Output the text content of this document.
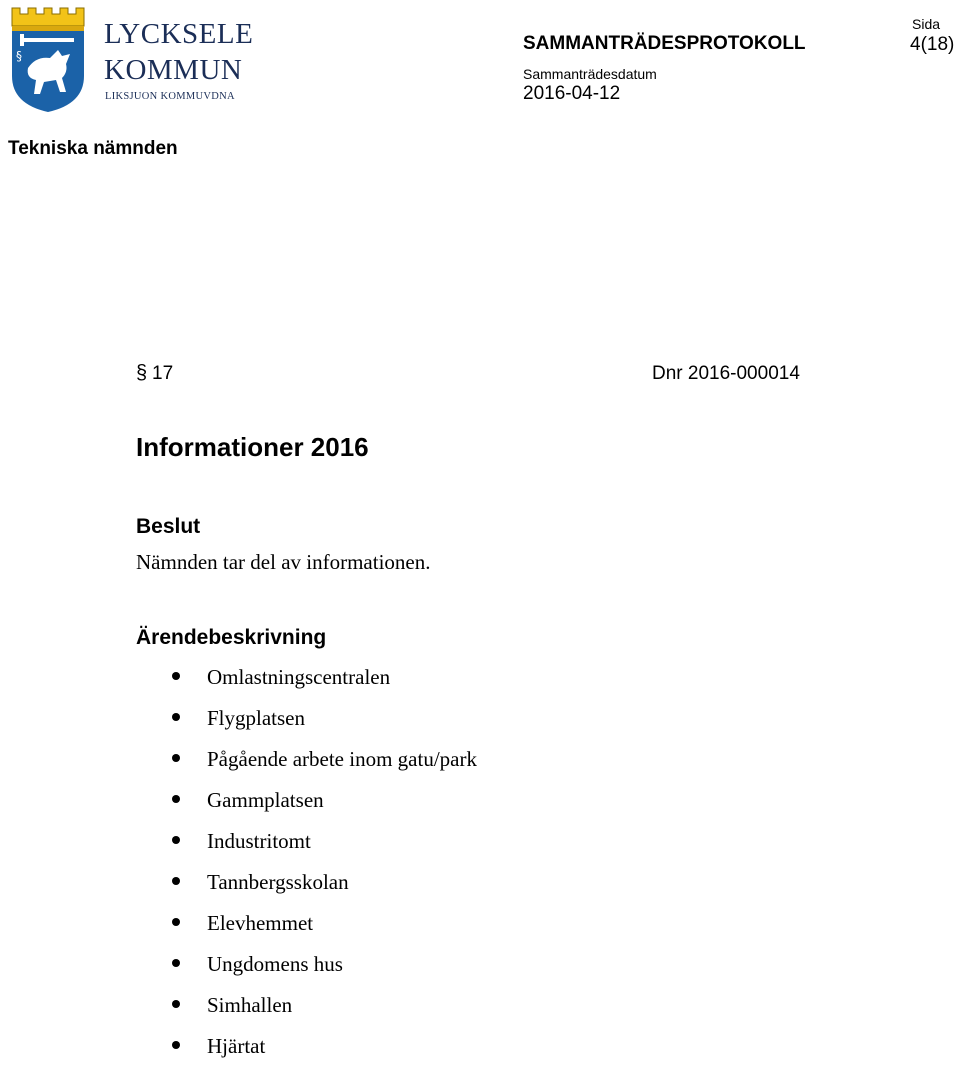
§
LYCKSELE
KOMMUN
LIKSJUON KOMMUVDNA
SAMMANTRÄDESPROTOKOLL
Sida
4(18)
Sammanträdesdatum
2016-04-12
Tekniska nämnden
§ 17	Dnr 2016-000014
Informationer 2016
Beslut
Nämnden tar del av informationen.
Ärendebeskrivning
Omlastningscentralen
Flygplatsen
Pågående arbete inom gatu/park
Gammplatsen
Industritomt
Tannbergsskolan
Elevhemmet
Ungdomens hus
Simhallen
Hjärtat
